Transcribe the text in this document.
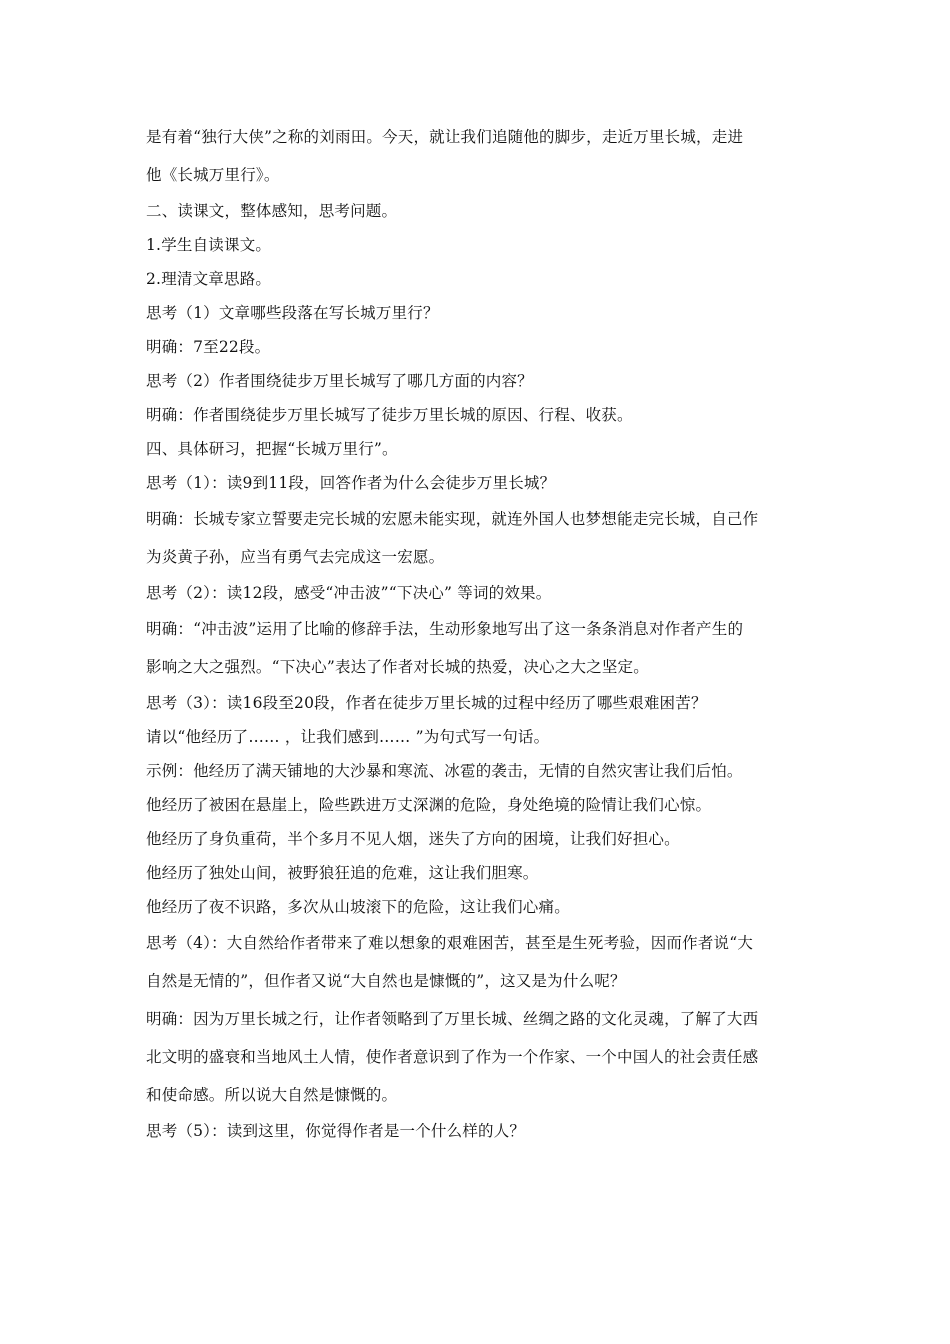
是有着“独行大侠”之称的刘雨田。今天，就让我们追随他的脚步，走近万里长城，走进
他《长城万里行》。
二、读课文，整体感知，思考问题。
1.学生自读课文。
2.理清文章思路。
思考（1）文章哪些段落在写长城万里行？
明确：7至22段。
思考（2）作者围绕徒步万里长城写了哪几方面的内容？
明确：作者围绕徒步万里长城写了徒步万里长城的原因、行程、收获。
四、具体研习，把握“长城万里行”。
思考（1）：读9到11段，回答作者为什么会徒步万里长城？
明确：长城专家立誓要走完长城的宏愿未能实现，就连外国人也梦想能走完长城，自己作
为炎黄子孙，应当有勇气去完成这一宏愿。
思考（2）：读12段，感受“冲击波”“下决心” 等词的效果。
明确：“冲击波”运用了比喻的修辞手法，生动形象地写出了这一条条消息对作者产生的
影响之大之强烈。“下决心”表达了作者对长城的热爱，决心之大之坚定。
思考（3）：读16段至20段，作者在徒步万里长城的过程中经历了哪些艰难困苦？
请以“他经历了…… ，让我们感到…… ”为句式写一句话。
示例：他经历了满天铺地的大沙暴和寒流、冰雹的袭击，无情的自然灾害让我们后怕。
他经历了被困在悬崖上，险些跌进万丈深渊的危险，身处绝境的险情让我们心惊。
他经历了身负重荷，半个多月不见人烟，迷失了方向的困境，让我们好担心。
他经历了独处山间，被野狼狂追的危难，这让我们胆寒。
他经历了夜不识路，多次从山坡滚下的危险，这让我们心痛。
思考（4）：大自然给作者带来了难以想象的艰难困苦，甚至是生死考验，因而作者说“大
自然是无情的”，但作者又说“大自然也是慷慨的”，这又是为什么呢？
明确：因为万里长城之行，让作者领略到了万里长城、丝绸之路的文化灵魂，了解了大西
北文明的盛衰和当地风土人情，使作者意识到了作为一个作家、一个中国人的社会责任感
和使命感。所以说大自然是慷慨的。
思考（5）：读到这里，你觉得作者是一个什么样的人？
